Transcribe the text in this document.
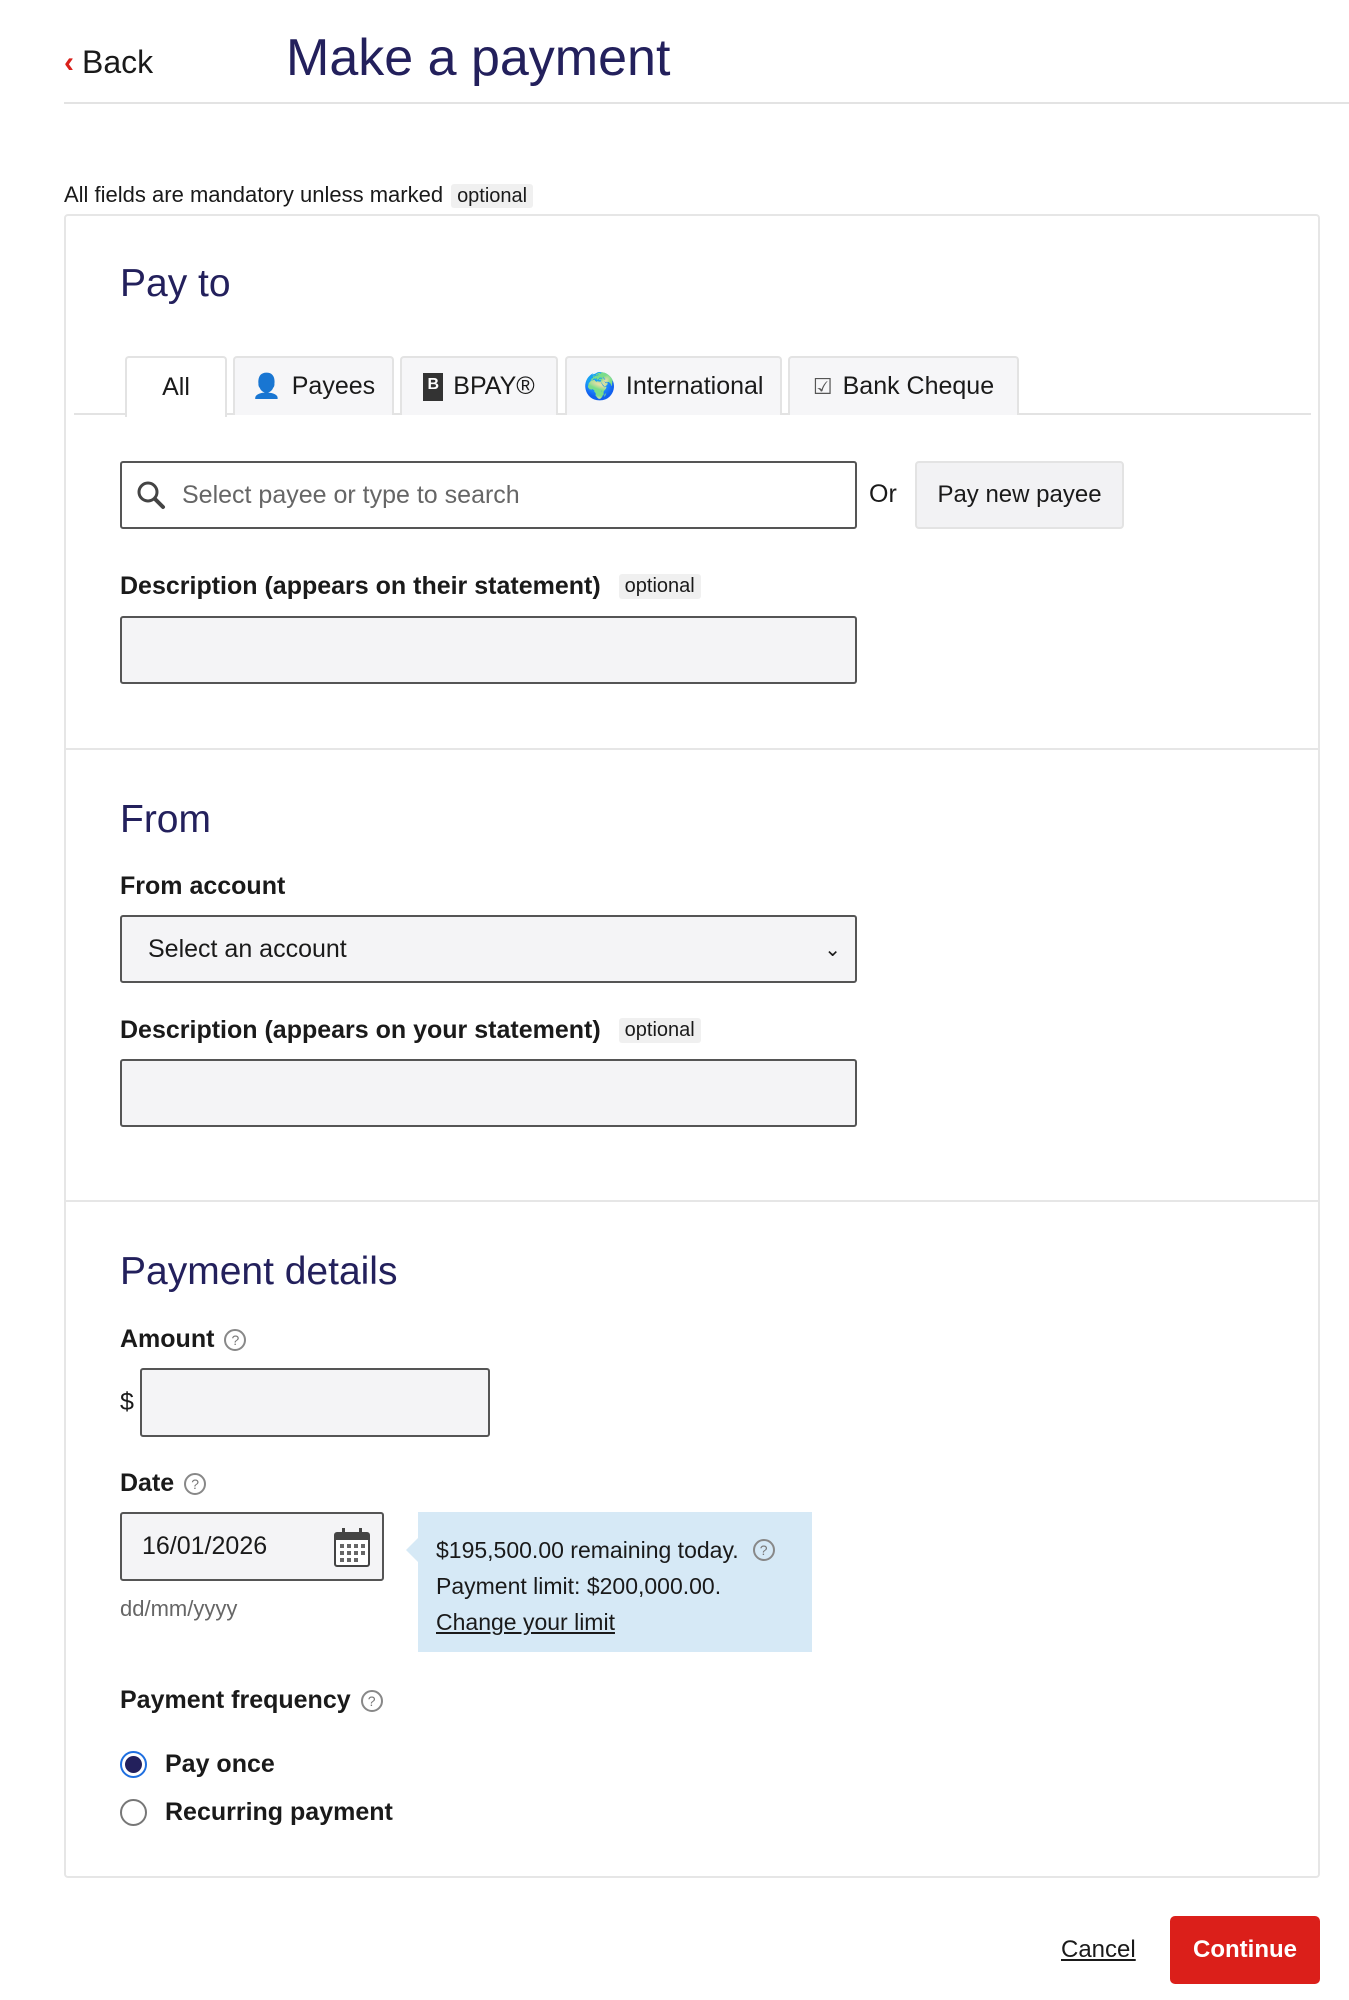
‹ Back	Make a payment
All fields are mandatory unless marked optional
Pay to
All	👤 Payees	B BPAY® 🌍 International ☑ Bank Cheque
Select payee or type to search	Or	Pay new payee
Description (appears on their statement)	optional
From
From account
Select an account	⌄
Description (appears on your statement)	optional
Payment details
Amount	?
$
Date	?
16/01/2026
dd/mm/yyyy
$195,500.00 remaining today.	?
Payment limit: $200,000.00.
Change your limit
Payment frequency	?
Pay once
Recurring payment
Cancel	Continue
